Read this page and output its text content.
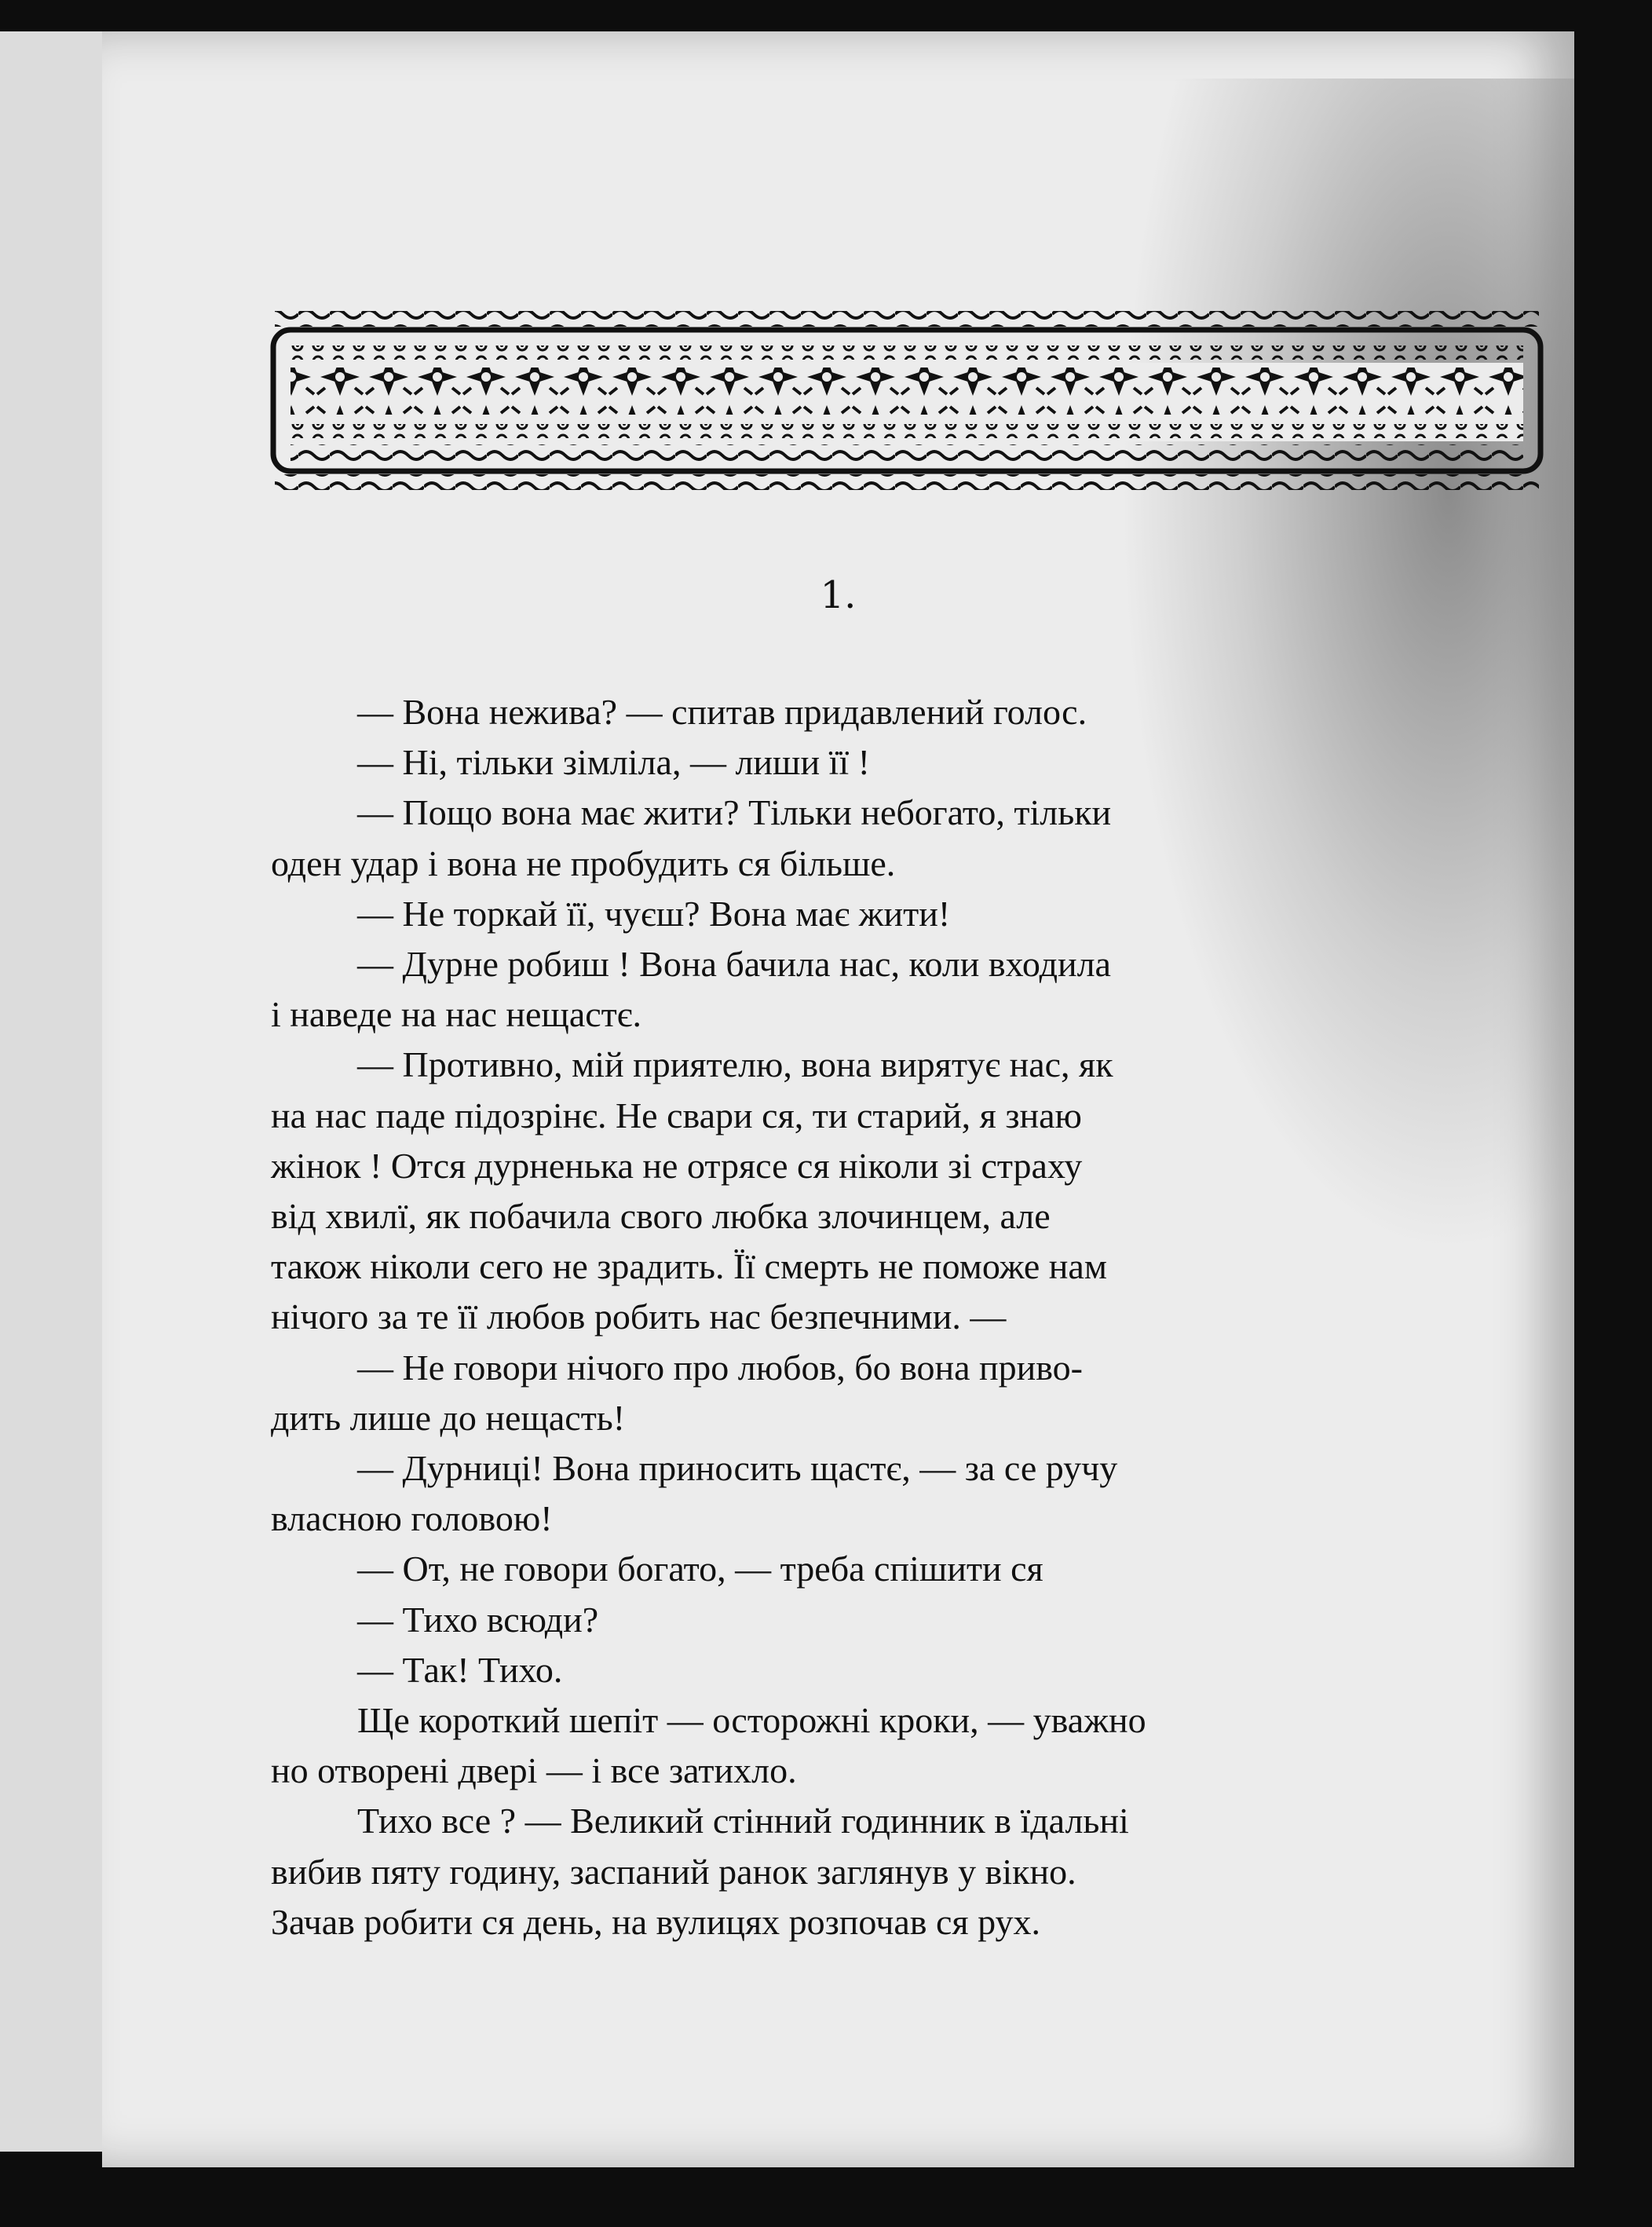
1.
— Вона нежива? — спитав придавлений голос.
— Ні, тільки зімліла, — лиши її !
— Пощо вона має жити? Тільки небогато, тільки
оден удар і вона не пробудить ся більше.
— Не торкай її, чуєш? Вона має жити!
— Дурне робиш ! Вона бачила нас, коли входила
і наведе на нас нещастє.
— Противно, мій приятелю, вона вирятує нас, як
на нас паде підозрінє. Не свари ся, ти старий, я знаю
жінок ! Отся дурненька не отрясе ся ніколи зі страху
від хвилї, як побачила свого любка злочинцем, але
також ніколи сего не зрадить. Її смерть не поможе нам
нічого за те її любов робить нас безпечними. —
— Не говори нічого про любов, бо вона приво-
дить лише до нещасть!
— Дурниці! Вона приносить щастє, — за се ручу
власною головою!
— От, не говори богато, — треба спішити ся
— Тихо всюди?
— Так! Тихо.
Ще короткий шепіт — осторожні кроки, — уважно
но отворені двері — і все затихло.
Тихо все ? — Великий стінний годинник в їдальні
вибив пяту годину, заспаний ранок заглянув у вікно.
Зачав робити ся день, на вулицях розпочав ся рух.
